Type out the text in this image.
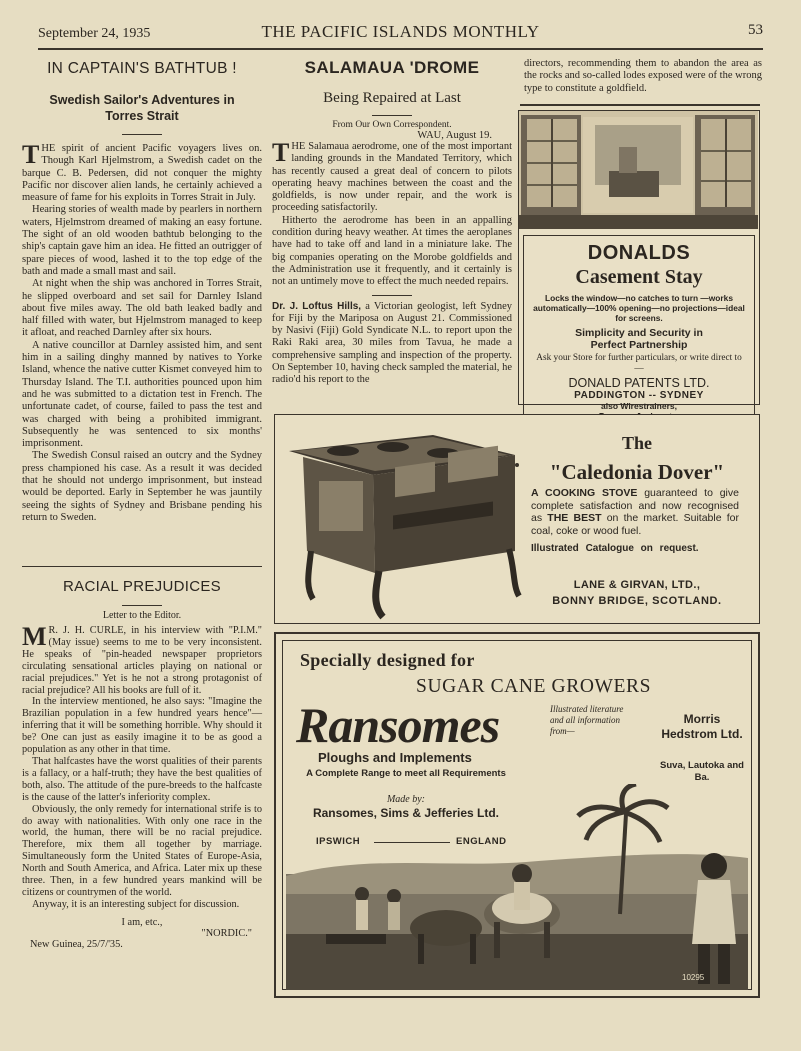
September 24, 1935	THE PACIFIC ISLANDS MONTHLY	53
IN CAPTAIN'S BATHTUB !
Swedish Sailor's Adventures in Torres Strait
T HE spirit of ancient Pacific voyagers lives on. Though Karl Hjelmstrom, a Swedish cadet on the barque C. B. Pedersen, did not conquer the mighty Pacific nor discover alien lands, he certainly achieved a measure of fame for his exploits in Torres Strait in July.

Hearing stories of wealth made by pearlers in northern waters, Hjelmstrom dreamed of making an easy fortune. The sight of an old wooden bathtub belonging to the ship's captain gave him an idea. He fitted an outrigger of spare pieces of wood, lashed it to the top edge of the bath and made a small mast and sail.

At night when the ship was anchored in Torres Strait, he slipped overboard and set sail for Darnley Island about five miles away. The old bath leaked badly and half filled with water, but Hjelmstrom managed to keep it afloat, and reached Darnley after six hours.

A native councillor at Darnley assisted him, and sent him in a sailing dinghy manned by natives to Yorke Island, whence the native cutter Kismet conveyed him to Thursday Island. The T.I. authorities pounced upon him and he was submitted to a dictation test in French. The unfortunate cadet, of course, failed to pass the test and was charged with being a prohibited immigrant. Subsequently he was sentenced to six months' imprisonment.

The Swedish Consul raised an outcry and the Sydney press championed his case. As a result it was decided that he should not undergo imprisonment, but instead would be deported. Early in September he was jauntily seeing the sights of Sydney and Brisbane pending his return to Sweden.

RACIAL PREJUDICES
Letter to the Editor.
M R. J. H. CURLE, in his interview with "P.I.M." (May issue) seems to me to be very inconsistent. He speaks of "pin-headed newspaper proprietors circulating sensational articles playing on national or racial prejudices." Yet is he not a strong protagonist of racial prejudice? All his books are full of it.

In the interview mentioned, he also says: "Imagine the Brazilian population in a few hundred years hence"—inferring that it will be something horrible. Why should it be? One can just as easily imagine it to be as good a population as any other in that time.

That halfcastes have the worst qualities of their parents is a fallacy, or a half-truth; they have the best qualities of both, also. The attitude of the pure-breeds to the halfcaste is the cause of the latter's inferiority complex.

Obviously, the only remedy for international strife is to do away with nationalities. With only one race in the world, the human, there will be no racial prejudice. Therefore, mix them all together by marriage. Simultaneously form the United States of Europe-Asia, North and South America, and Africa. Later mix up these three. Then, in a few hundred years mankind will be citizens or countrymen of the world.

Anyway, it is an interesting subject for discussion.

I am, etc.,
"NORDIC."
New Guinea, 25/7/'35.
SALAMAUA 'DROME
Being Repaired at Last
From Our Own Correspondent.
WAU, August 19.
T HE Salamaua aerodrome, one of the most important landing grounds in the Mandated Territory, which has recently caused a great deal of concern to pilots operating heavy machines between the coast and the goldfields, is now under repair, and the work is proceeding satisfactorily.

Hitherto the aerodrome has been in an appalling condition during heavy weather. At times the aeroplanes have had to take off and land in a miniature lake. The big companies operating on the Morobe goldfields and the Administration use it frequently, and it certainly is not an untimely move to effect the much needed repairs.

Dr. J. Loftus Hills, a Victorian geologist, left Sydney for Fiji by the Mariposa on August 21. Commissioned by Nasivi (Fiji) Gold Syndicate N.L. to report upon the Raki Raki area, 30 miles from Tavua, he made a comprehensive sampling and inspection of the property. On September 10, having check sampled the material, he radio'd his report to the
directors, recommending them to abandon the area as the rocks and so-called lodes exposed were of the wrong type to constitute a goldfield.
DONALDS
Casement Stay
Locks the window—no catches to turn —works automatically—100% opening—no projections—ideal for screens.
Simplicity and Security in
Perfect Partnership
Ask your Store for further particulars, or write direct to—
DONALD PATENTS LTD.
PADDINGTON -- SYDNEY
also Wirestrainers,
The
"Caledonia Dover"
A COOKING STOVE guaranteed to give complete satisfaction and now recognised as THE BEST on the market. Suitable for coal, coke or wood fuel.
Illustrated Catalogue on request.
LANE & GIRVAN, LTD.,
BONNY BRIDGE, SCOTLAND.
10295
Specially designed for
SUGAR CANE GROWERS
Ransomes	Illustrated literature and all information from—
Morris Hedstrom Ltd.
Suva, Lautoka and Ba.
Ploughs and Implements
A Complete Range to meet all Requirements
Made by:
Ransomes, Sims & Jefferies Ltd.
IPSWICH	ENGLAND
